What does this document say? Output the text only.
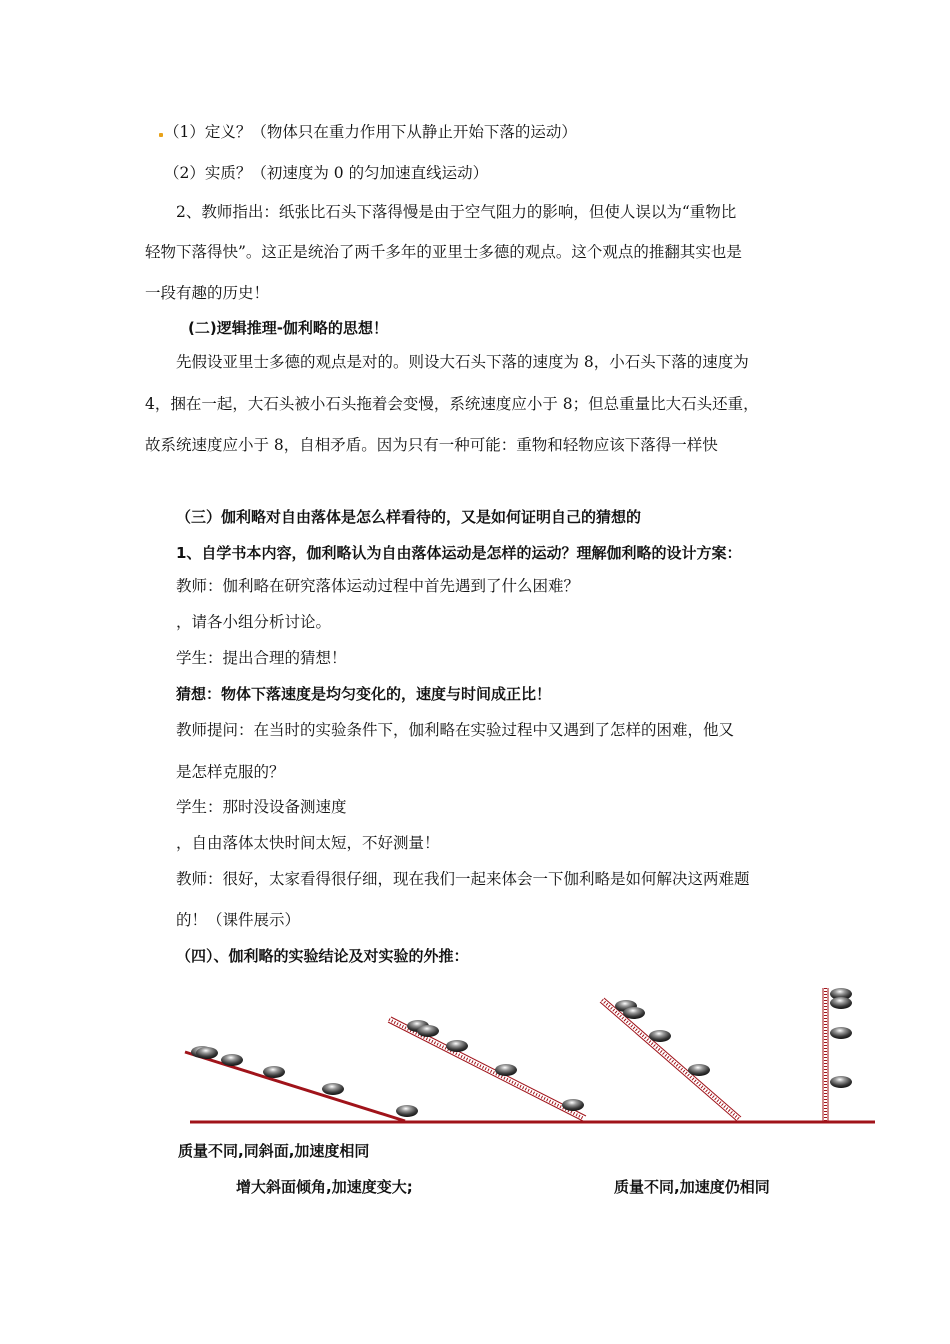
（1）定义？（物体只在重力作用下从静止开始下落的运动）
（2）实质？（初速度为 0 的匀加速直线运动）
2、教师指出：纸张比石头下落得慢是由于空气阻力的影响，但使人误以为“重物比
轻物下落得快”。这正是统治了两千多年的亚里士多德的观点。这个观点的推翻其实也是
一段有趣的历史！
(二)逻辑推理-伽利略的思想！
先假设亚里士多德的观点是对的。则设大石头下落的速度为 8，小石头下落的速度为
4，捆在一起，大石头被小石头拖着会变慢，系统速度应小于 8；但总重量比大石头还重，
故系统速度应小于 8，自相矛盾。因为只有一种可能：重物和轻物应该下落得一样快
（三）伽利略对自由落体是怎么样看待的，又是如何证明自己的猜想的
1、自学书本内容，伽利略认为自由落体运动是怎样的运动？理解伽利略的设计方案：
教师：伽利略在研究落体运动过程中首先遇到了什么困难？
，请各小组分析讨论。
学生：提出合理的猜想！
猜想：物体下落速度是均匀变化的，速度与时间成正比！
教师提问：在当时的实验条件下，伽利略在实验过程中又遇到了怎样的困难，他又
是怎样克服的？
学生：那时没设备测速度
，自由落体太快时间太短，不好测量！
教师：很好，太家看得很仔细，现在我们一起来体会一下伽利略是如何解决这两难题
的！（课件展示）
（四）、伽利略的实验结论及对实验的外推：
质量不同,同斜面,加速度相同
增大斜面倾角,加速度变大;	质量不同,加速度仍相同
